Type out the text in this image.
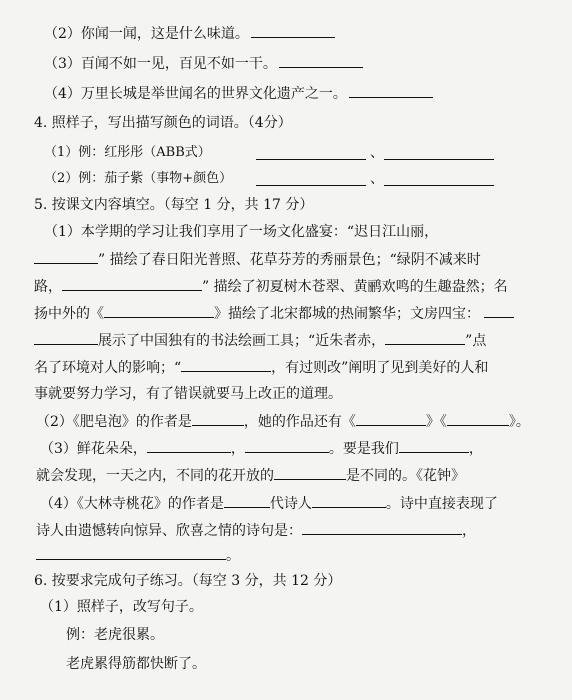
（2）你闻一闻，这是什么味道。
（3）百闻不如一见，百见不如一干。
（4）万里长城是举世闻名的世界文化遗产之一。
4. 照样子，写出描写颜色的词语。（4分）
（1）例：红彤彤（ABB式）	、
（2）例：茄子紫（事物+颜色）	、
5. 按课文内容填空。（每空 1 分，共 17 分）
（1）本学期的学习让我们享用了一场文化盛宴：“迟日江山丽，
” 描绘了春日阳光普照、花草芬芳的秀丽景色；“绿阴不减来时
路，	” 描绘了初夏树木苍翠、黄鹂欢鸣的生趣盎然；名
扬中外的《	》描绘了北宋都城的热闹繁华；文房四宝：
展示了中国独有的书法绘画工具；“近朱者赤，	”点
名了环境对人的影响；“	，有过则改”阐明了见到美好的人和
事就要努力学习，有了错误就要马上改正的道理。
（2）《肥皂泡》的作者是	，她的作品还有《	》《	》。
（3）鲜花朵朵，	，	。要是我们	，
就会发现，一天之内，不同的花开放的	是不同的。《花钟》
（4）《大林寺桃花》的作者是	代诗人	。诗中直接表现了
诗人由遗憾转向惊异、欣喜之情的诗句是：	，
。
6. 按要求完成句子练习。（每空 3 分，共 12 分）
（1）照样子，改写句子。
例：老虎很累。
老虎累得筋都快断了。
